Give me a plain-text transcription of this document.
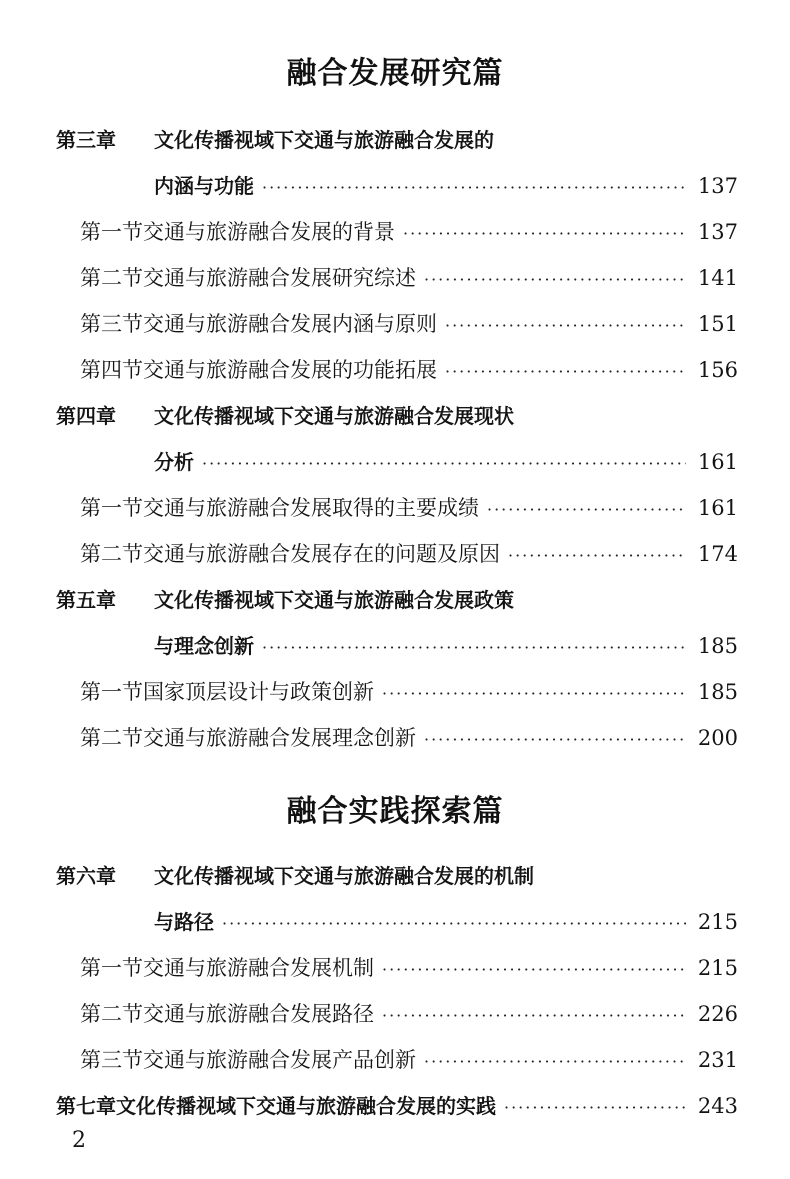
融合发展研究篇
第三章	文化传播视域下交通与旅游融合发展的
内涵与功能 ·····	137
第一节 交通与旅游融合发展的背景 ·····	137
第二节 交通与旅游融合发展研究综述 ·····	141
第三节 交通与旅游融合发展内涵与原则 ·····	151
第四节 交通与旅游融合发展的功能拓展 ·····	156
第四章	文化传播视域下交通与旅游融合发展现状
分析 ·····	161
第一节 交通与旅游融合发展取得的主要成绩 ·····	161
第二节 交通与旅游融合发展存在的问题及原因 ·····	174
第五章	文化传播视域下交通与旅游融合发展政策
与理念创新 ·····	185
第一节 国家顶层设计与政策创新 ·····	185
第二节 交通与旅游融合发展理念创新 ·····	200
融合实践探索篇
第六章	文化传播视域下交通与旅游融合发展的机制
与路径 ·····	215
第一节 交通与旅游融合发展机制 ·····	215
第二节 交通与旅游融合发展路径 ·····	226
第三节 交通与旅游融合发展产品创新 ·····	231
第七章 文化传播视域下交通与旅游融合发展的实践 ·····	243
2
